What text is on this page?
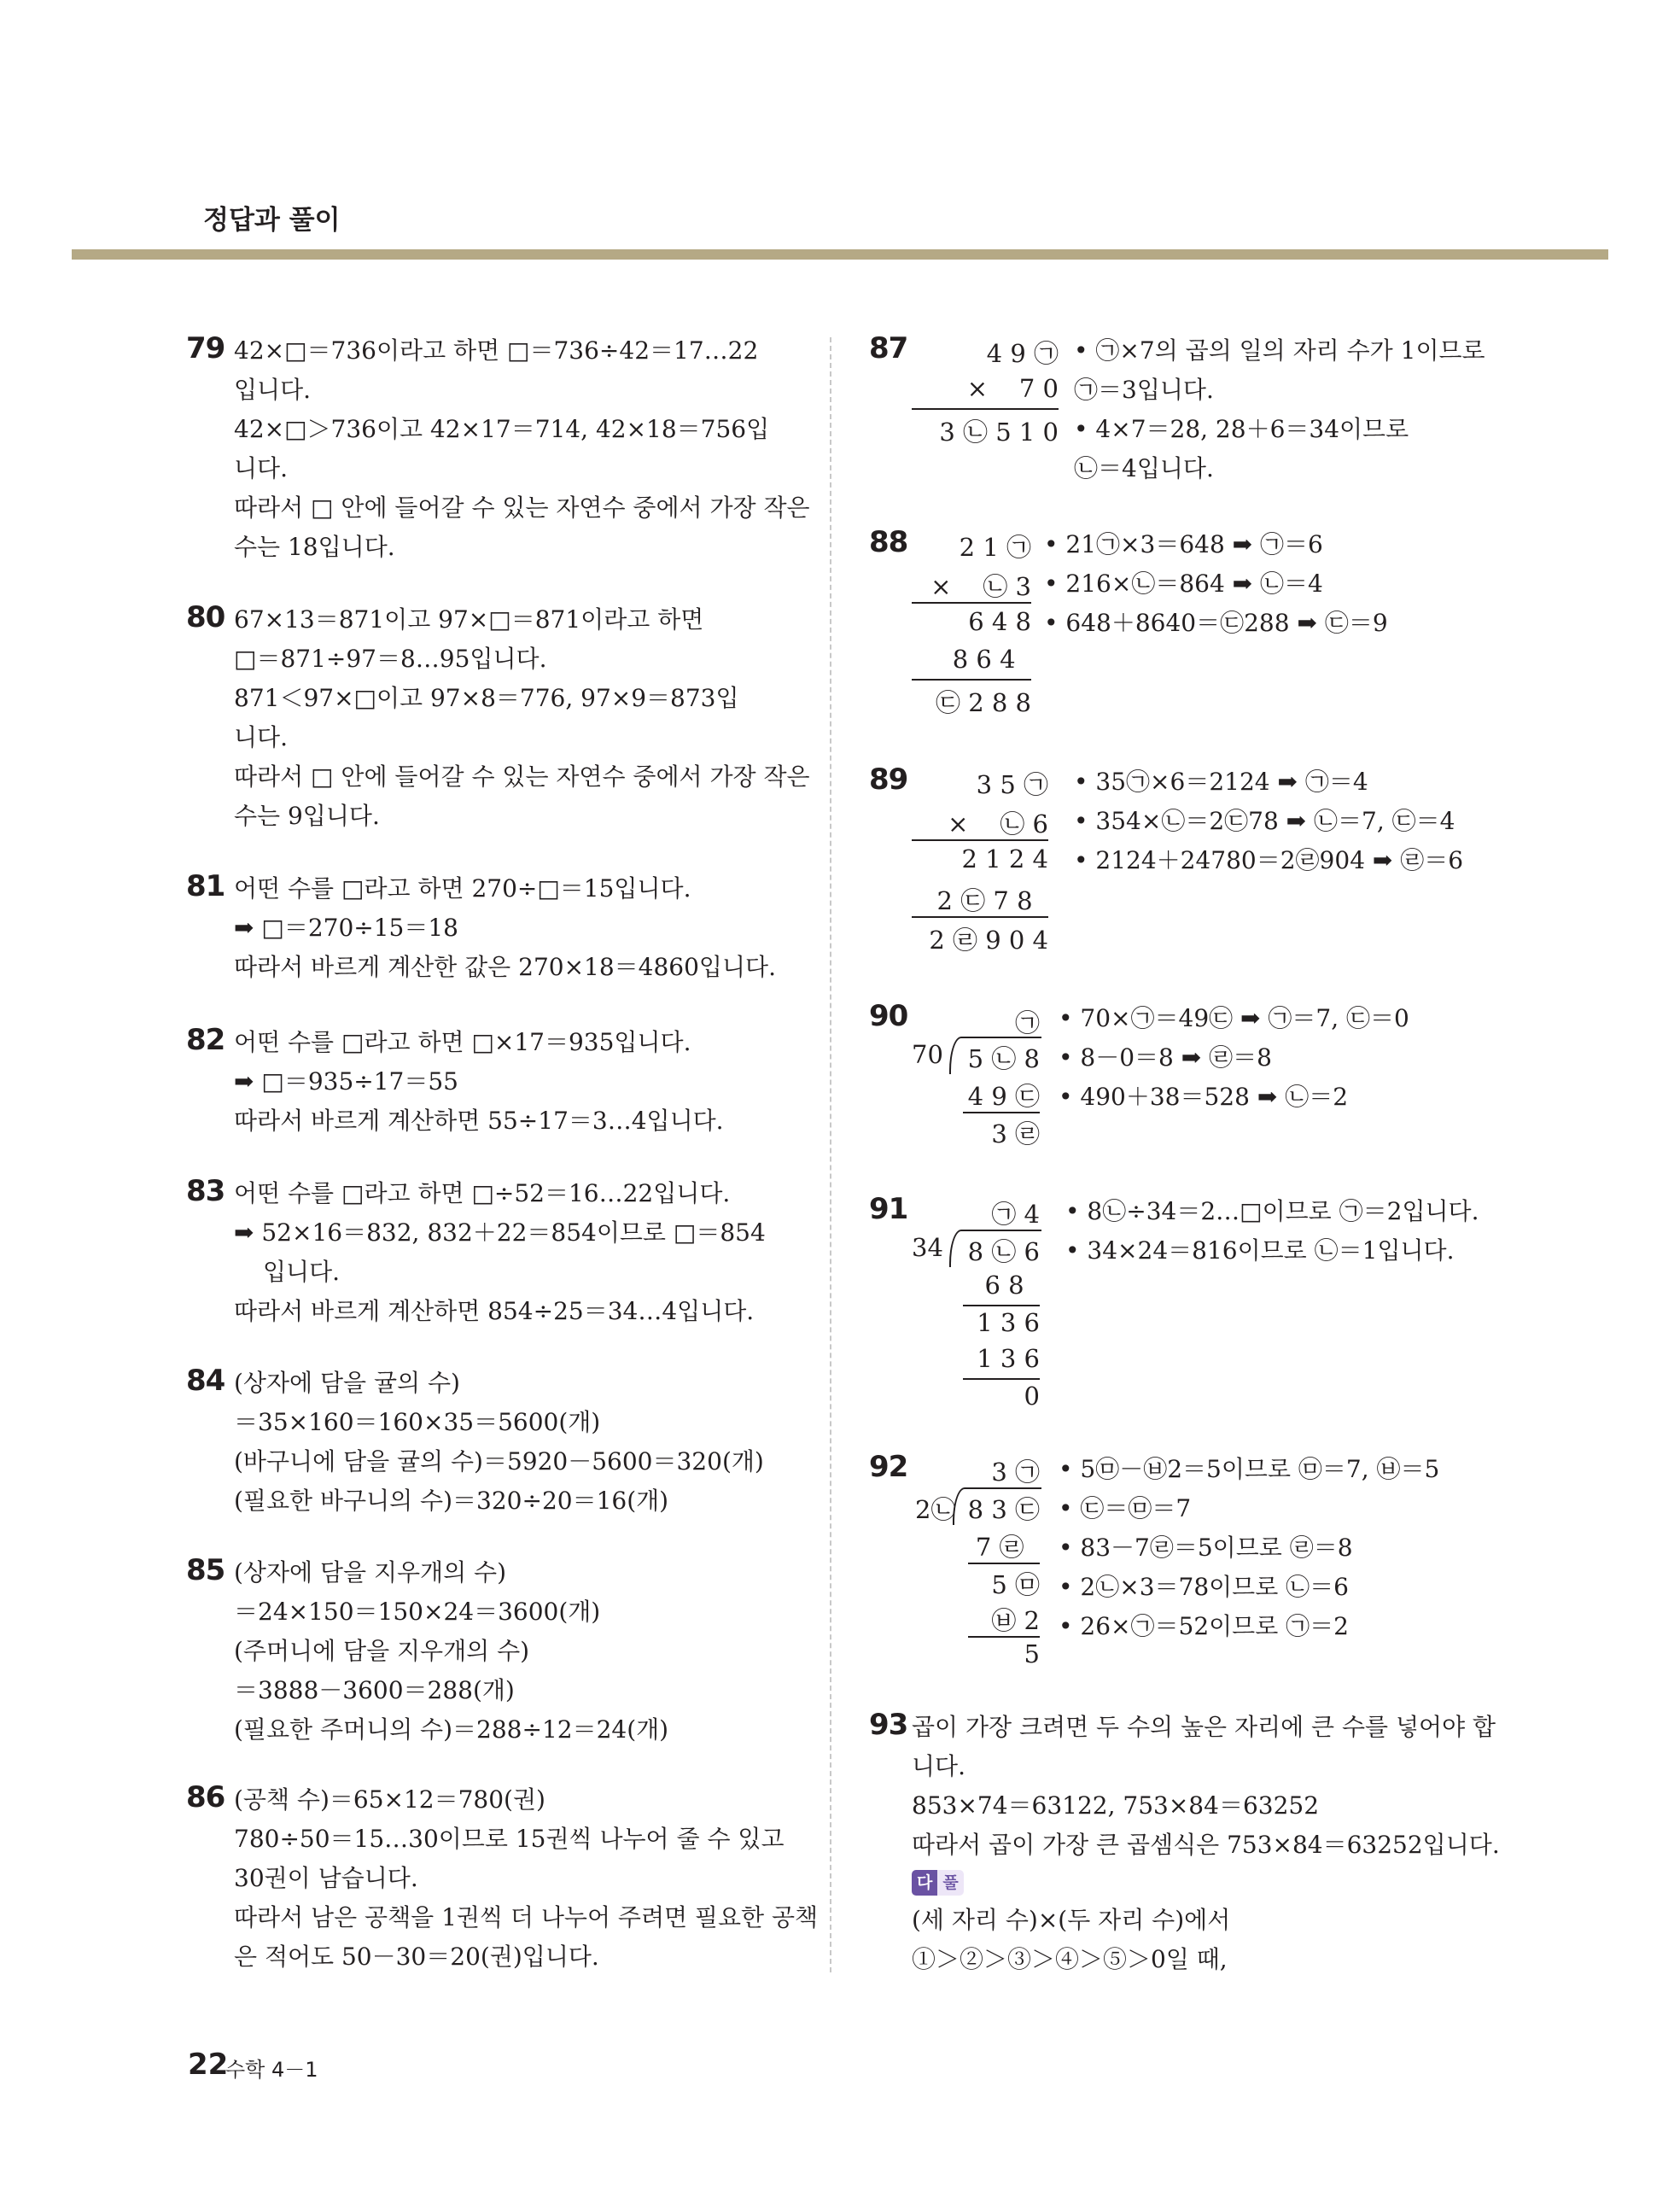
정답과 풀이
79 42×□＝736이라고 하면 □＝736÷42＝17…22
입니다.
42×□＞736이고 42×17＝714, 42×18＝756입
니다.
따라서 □ 안에 들어갈 수 있는 자연수 중에서 가장 작은
수는 18입니다.
80 67×13＝871이고 97×□＝871이라고 하면
□＝871÷97＝8…95입니다.
871＜97×□이고 97×8＝776, 97×9＝873입
니다.
따라서 □ 안에 들어갈 수 있는 자연수 중에서 가장 작은
수는 9입니다.
81 어떤 수를 □라고 하면 270÷□＝15입니다.
➡ □＝270÷15＝18
따라서 바르게 계산한 값은 270×18＝4860입니다.
82 어떤 수를 □라고 하면 □×17＝935입니다.
➡ □＝935÷17＝55
따라서 바르게 계산하면 55÷17＝3…4입니다.
83 어떤 수를 □라고 하면 □÷52＝16…22입니다.
➡ 52×16＝832, 832＋22＝854이므로 □＝854
입니다.
따라서 바르게 계산하면 854÷25＝34…4입니다.
84 (상자에 담을 귤의 수)
＝35×160＝160×35＝5600(개)
(바구니에 담을 귤의 수)＝5920－5600＝320(개)
(필요한 바구니의 수)＝320÷20＝16(개)
85 (상자에 담을 지우개의 수)
＝24×150＝150×24＝3600(개)
(주머니에 담을 지우개의 수)
＝3888－3600＝288(개)
(필요한 주머니의 수)＝288÷12＝24(개)
86 (공책 수)＝65×12＝780(권)
780÷50＝15…30이므로 15권씩 나누어 줄 수 있고
30권이 남습니다.
따라서 남은 공책을 1권씩 더 나누어 주려면 필요한 공책
은 적어도 50－30＝20(권)입니다.
87	4 9 ㉠
×    7 0
3 ㉡ 5 1 0
• ㉠×7의 곱의 일의 자리 수가 1이므로
㉠＝3입니다.
• 4×7＝28, 28＋6＝34이므로
㉡＝4입니다.
88 2 1 ㉠
×    ㉡ 3
6 4 8
8 6 4
㉢ 2 8 8
• 21㉠×3＝648 ➡ ㉠＝6
• 216×㉡＝864 ➡ ㉡＝4
• 648＋8640＝㉢288 ➡ ㉢＝9
89	3 5 ㉠
×    ㉡ 6
2 1 2 4
2 ㉢ 7 8
2 ㉣ 9 0 4
• 35㉠×6＝2124 ➡ ㉠＝4
• 354×㉡＝2㉢78 ➡ ㉡＝7, ㉢＝4
• 2124＋24780＝2㉣904 ➡ ㉣＝6
90	㉠
70 5 ㉡ 8
4 9 ㉢
3 ㉣
• 70×㉠＝49㉢ ➡ ㉠＝7, ㉢＝0
• 8－0＝8 ➡ ㉣＝8
• 490＋38＝528 ➡ ㉡＝2
91	㉠ 4
34 8 ㉡ 6
6 8
1 3 6
1 3 6
0
• 8㉡÷34＝2…□이므로 ㉠＝2입니다.
• 34×24＝816이므로 ㉡＝1입니다.
92	3 ㉠
2㉡ 8 3 ㉢
7 ㉣
5 ㉤
㉥ 2
5
• 5㉤－㉥2＝5이므로 ㉤＝7, ㉥＝5
• ㉢＝㉤＝7
• 83－7㉣＝5이므로 ㉣＝8
• 2㉡×3＝78이므로 ㉡＝6
• 26×㉠＝52이므로 ㉠＝2
93 곱이 가장 크려면 두 수의 높은 자리에 큰 수를 넣어야 합
니다.
853×74＝63122, 753×84＝63252
따라서 곱이 가장 큰 곱셈식은 753×84＝63252입니다.
다 풀
(세 자리 수)×(두 자리 수)에서
①＞②＞③＞④＞⑤＞0일 때,
22
수학 4－1
